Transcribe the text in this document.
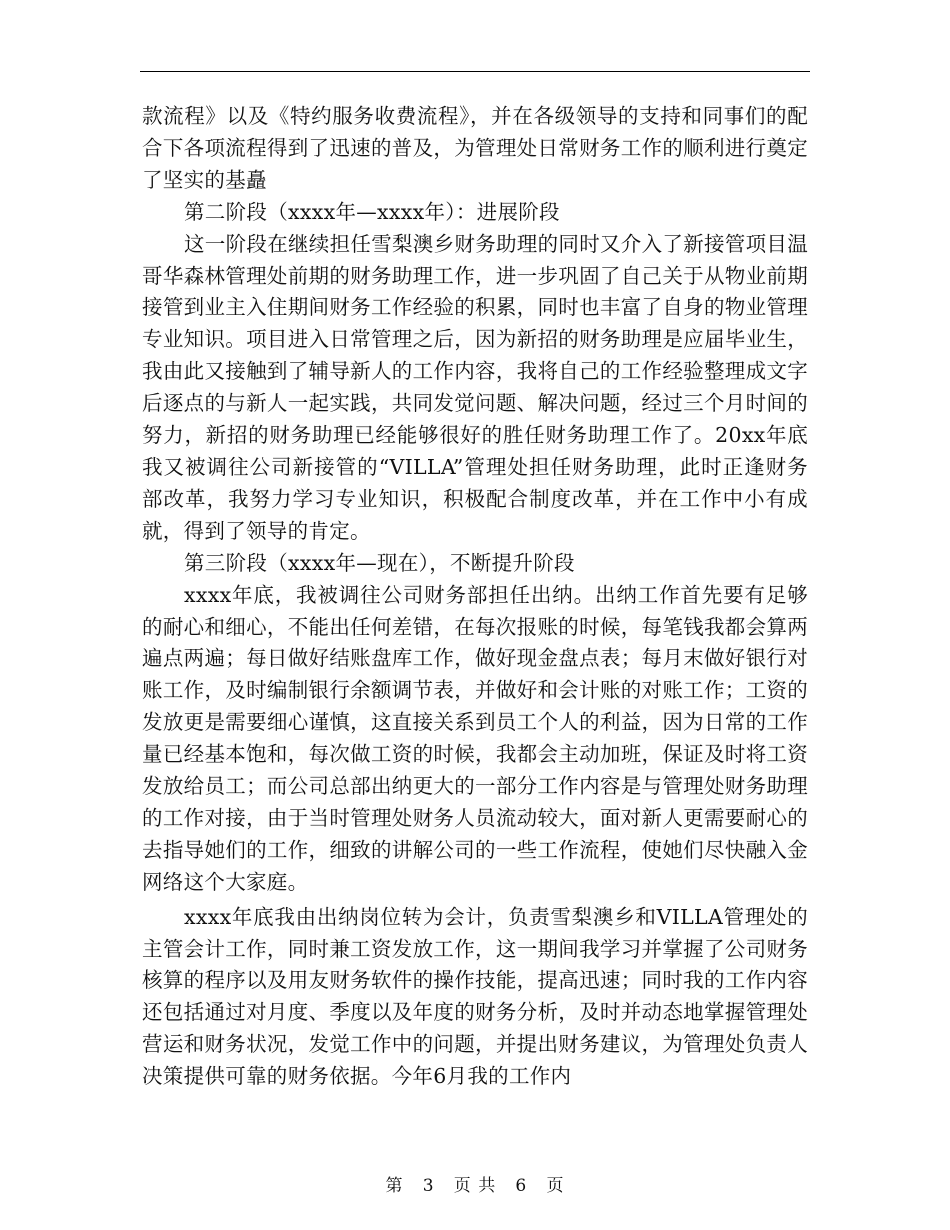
款流程》以及《特约服务收费流程》，并在各级领导的支持和同事们的配合下各项流程得到了迅速的普及，为管理处日常财务工作的顺利进行奠定了坚实的基矗

第二阶段（xxxx年—xxxx年）：进展阶段

这一阶段在继续担任雪梨澳乡财务助理的同时又介入了新接管项目温哥华森林管理处前期的财务助理工作，进一步巩固了自己关于从物业前期接管到业主入住期间财务工作经验的积累，同时也丰富了自身的物业管理专业知识。项目进入日常管理之后，因为新招的财务助理是应届毕业生，我由此又接触到了辅导新人的工作内容，我将自己的工作经验整理成文字后逐点的与新人一起实践，共同发觉问题、解决问题，经过三个月时间的努力，新招的财务助理已经能够很好的胜任财务助理工作了。20xx年底我又被调往公司新接管的“VILLA”管理处担任财务助理，此时正逢财务部改革，我努力学习专业知识，积极配合制度改革，并在工作中小有成就，得到了领导的肯定。

第三阶段（xxxx年—现在），不断提升阶段

xxxx年底，我被调往公司财务部担任出纳。出纳工作首先要有足够的耐心和细心，不能出任何差错，在每次报账的时候，每笔钱我都会算两遍点两遍；每日做好结账盘库工作，做好现金盘点表；每月末做好银行对账工作，及时编制银行余额调节表，并做好和会计账的对账工作；工资的发放更是需要细心谨慎，这直接关系到员工个人的利益，因为日常的工作量已经基本饱和，每次做工资的时候，我都会主动加班，保证及时将工资发放给员工；而公司总部出纳更大的一部分工作内容是与管理处财务助理的工作对接，由于当时管理处财务人员流动较大，面对新人更需要耐心的去指导她们的工作，细致的讲解公司的一些工作流程，使她们尽快融入金网络这个大家庭。

xxxx年底我由出纳岗位转为会计，负责雪梨澳乡和VILLA管理处的主管会计工作，同时兼工资发放工作，这一期间我学习并掌握了公司财务核算的程序以及用友财务软件的操作技能，提高迅速；同时我的工作内容还包括通过对月度、季度以及年度的财务分析，及时并动态地掌握管理处营运和财务状况，发觉工作中的问题，并提出财务建议，为管理处负责人决策提供可靠的财务依据。今年6月我的工作内

第 3 页 共 6 页
